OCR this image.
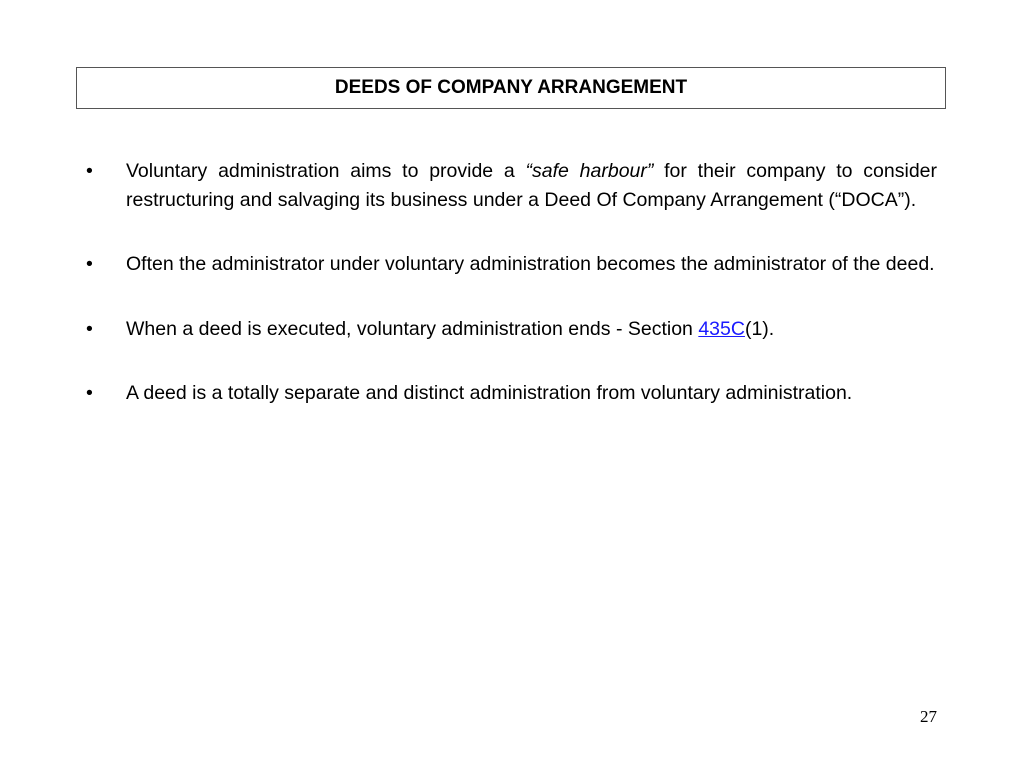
DEEDS OF COMPANY ARRANGEMENT
• Voluntary administration aims to provide a “safe harbour” for their company to consider restructuring and salvaging its business under a Deed Of Company Arrangement (“DOCA”).
• Often the administrator under voluntary administration becomes the administrator of the deed.
• When a deed is executed, voluntary administration ends - Section 435C(1).
• A deed is a totally separate and distinct administration from voluntary administration.
27
